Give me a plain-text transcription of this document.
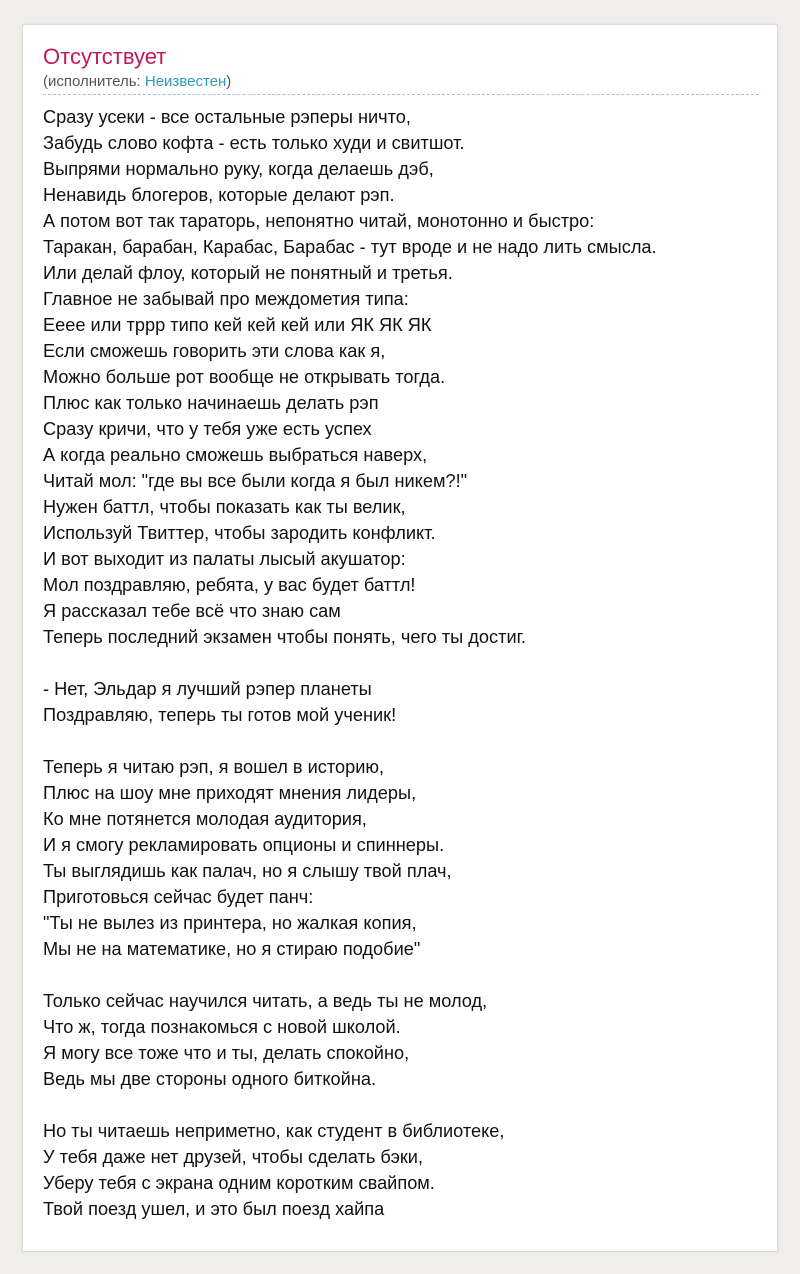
Отсутствует
(исполнитель: Неизвестен)
Сразу усеки - все остальные рэперы ничто,
Забудь слово кофта - есть только худи и свитшот.
Выпрями нормально руку, когда делаешь дэб,
Ненавидь блогеров, которые делают рэп.
А потом вот так тараторь, непонятно читай, монотонно и быстро:
Таракан, барабан, Карабас, Барабас - тут вроде и не надо лить смысла.
Или делай флоу, который не понятный и третья.
Главное не забывай про междометия типа:
Ееее или тррр типо кей кей кей или ЯК ЯК ЯК
Если сможешь говорить эти слова как я,
Можно больше рот вообще не открывать тогда.
Плюс как только начинаешь делать рэп
Сразу кричи, что у тебя уже есть успех
А когда реально сможешь выбраться наверх,
Читай мол: "где вы все были когда я был никем?!"
Нужен баттл, чтобы показать как ты велик,
Используй Твиттер, чтобы зародить конфликт.
И вот выходит из палаты лысый акушатор:
Мол поздравляю, ребята, у вас будет баттл!
Я рассказал тебе всё что знаю сам
Теперь последний экзамен чтобы понять, чего ты достиг.
- Нет, Эльдар я лучший рэпер планеты
Поздравляю, теперь ты готов мой ученик!
Теперь я читаю рэп, я вошел в историю,
Плюс на шоу мне приходят мнения лидеры,
Ко мне потянется молодая аудитория,
И я смогу рекламировать опционы и спиннеры.
Ты выглядишь как палач, но я слышу твой плач,
Приготовься сейчас будет панч:
"Ты не вылез из принтера, но жалкая копия,
Мы не на математике, но я стираю подобие"
Только сейчас научился читать, а ведь ты не молод,
Что ж, тогда познакомься с новой школой.
Я могу все тоже что и ты, делать спокойно,
Ведь мы две стороны одного биткойна.
Но ты читаешь неприметно, как студент в библиотеке,
У тебя даже нет друзей, чтобы сделать бэки,
Уберу тебя с экрана одним коротким свайпом.
Твой поезд ушел, и это был поезд хайпа
